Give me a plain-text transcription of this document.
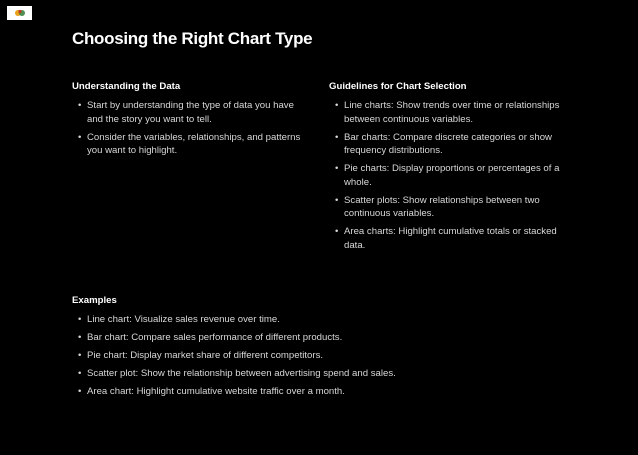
Choosing the Right Chart Type
Understanding the Data
• Start by understanding the type of data you have and the story you want to tell.
• Consider the variables, relationships, and patterns you want to highlight.
Guidelines for Chart Selection
• Line charts: Show trends over time or relationships between continuous variables.
• Bar charts: Compare discrete categories or show frequency distributions.
• Pie charts: Display proportions or percentages of a whole.
• Scatter plots: Show relationships between two continuous variables.
• Area charts: Highlight cumulative totals or stacked data.
Examples
• Line chart: Visualize sales revenue over time.
• Bar chart: Compare sales performance of different products.
• Pie chart: Display market share of different competitors.
• Scatter plot: Show the relationship between advertising spend and sales.
• Area chart: Highlight cumulative website traffic over a month.
